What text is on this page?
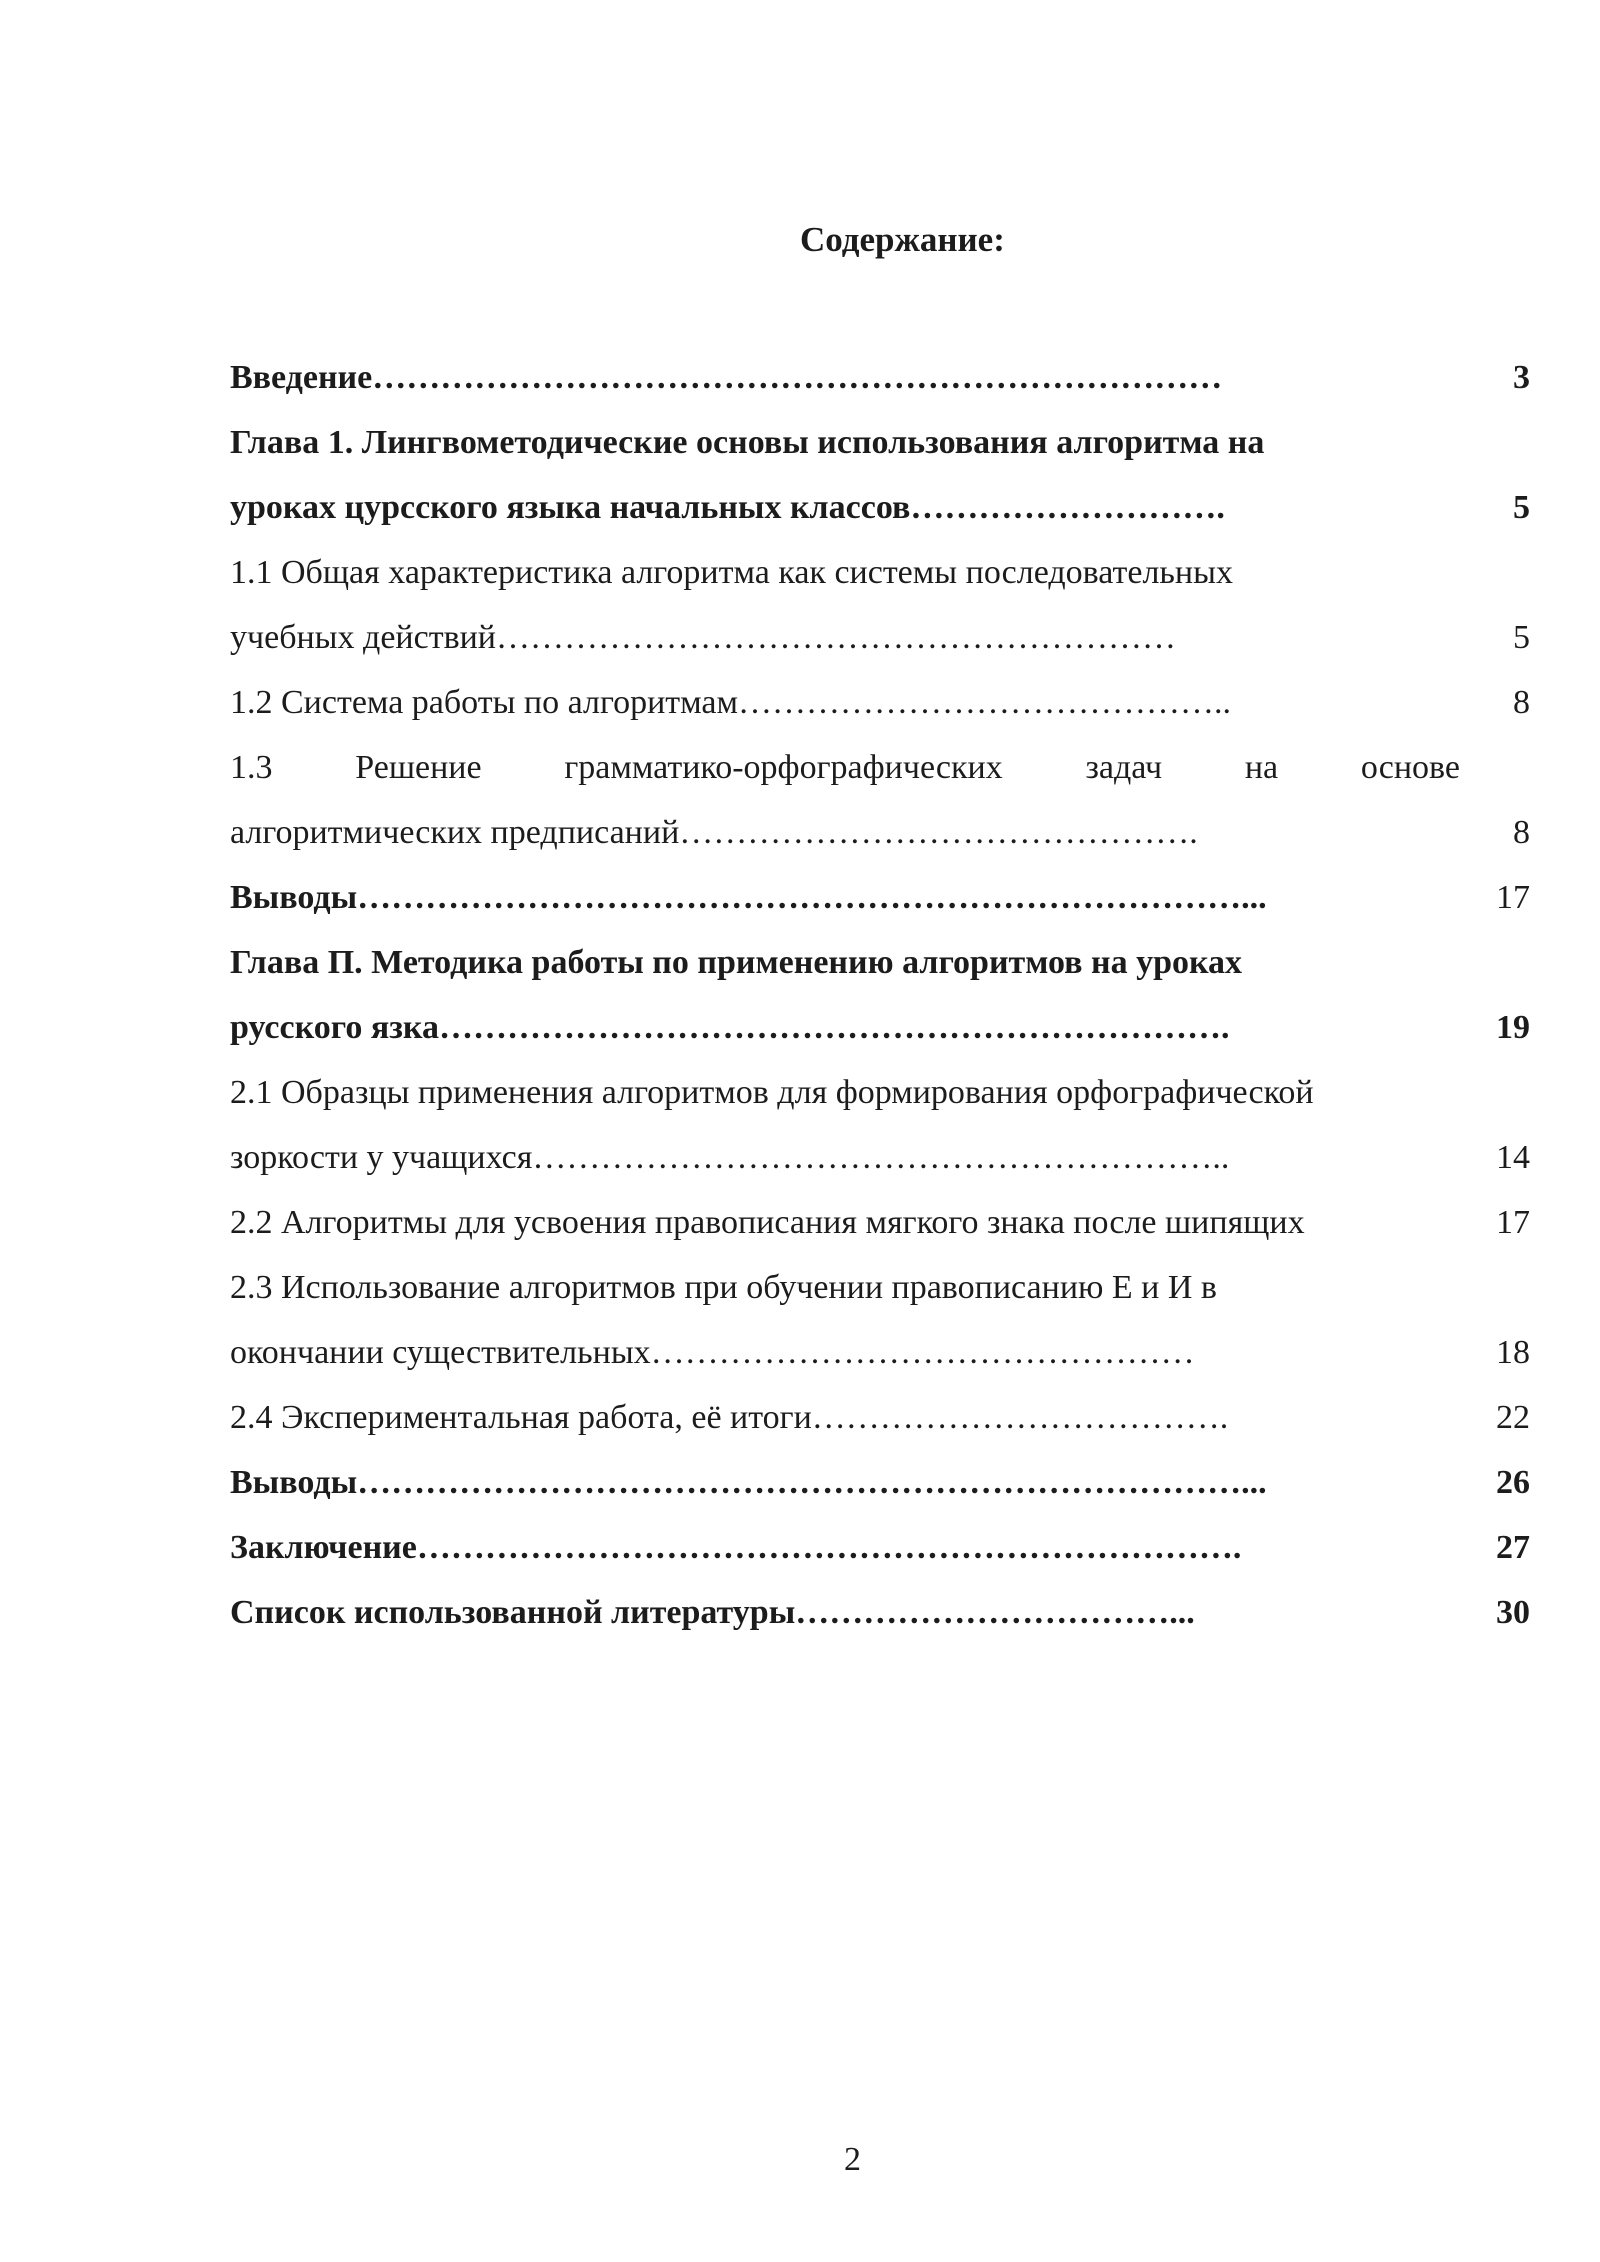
Содержание:
Введение…………………………………………………………………	3
Глава 1. Лингвометодические основы использования алгоритма на
уроках цурсского языка начальных классов……………………….	5
1.1 Общая характеристика алгоритма как системы последовательных
учебных действий……………………………………………………	5
1.2 Система работы по алгоритмам……………………………………..	8
1.3 Решение грамматико-орфографических задач на основе
алгоритмических предписаний……………………………………….	8
Выводы……………………………………………………………………...	17
Глава П. Методика работы по применению алгоритмов на уроках
русского язка…………………………………………………………….	19
2.1 Образцы применения алгоритмов для формирования орфографической
зоркости у учащихся……………………………………………………..	14
2.2 Алгоритмы для усвоения правописания мягкого знака после шипящих	17
2.3 Использование алгоритмов при обучении правописанию Е и И в
окончании существительных…………………………………………	18
2.4 Экспериментальная работа, её итоги……………………………….	22
Выводы……………………………………………………………………...	26
Заключение……………………………………………………………….	27
Список использованной литературы……………………………...	30
2
